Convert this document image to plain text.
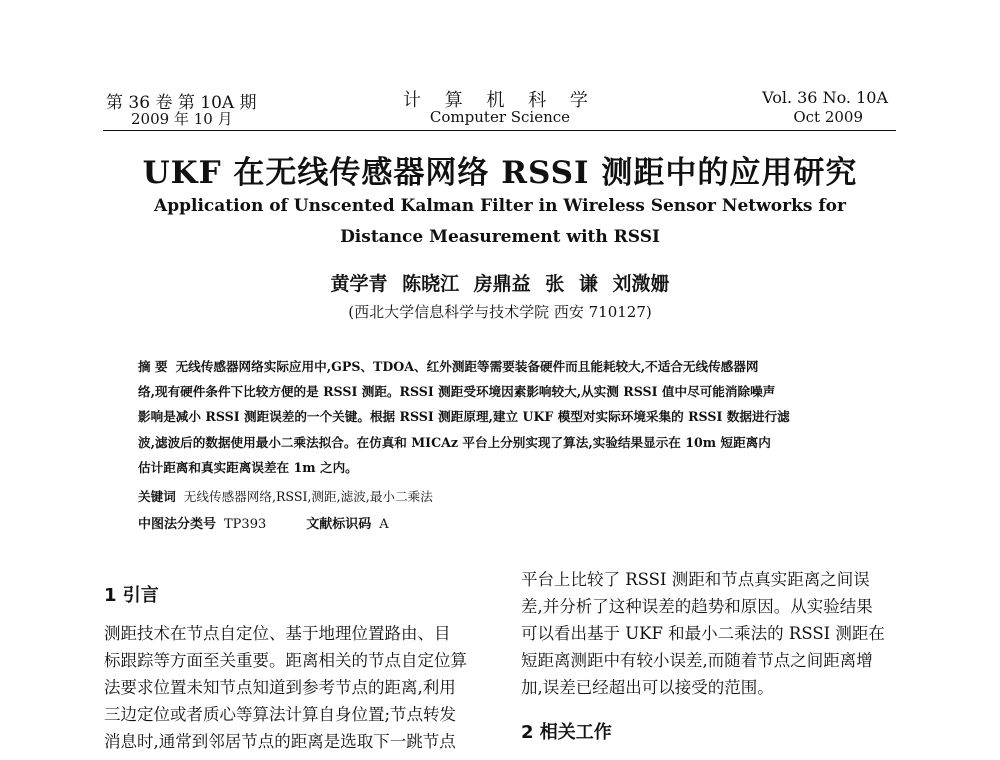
第 36 卷 第 10A 期
2009 年 10 月
计 算 机 科 学
Computer Science
Vol. 36 No. 10A
Oct 2009
UKF 在无线传感器网络 RSSI 测距中的应用研究
Application of Unscented Kalman Filter in Wireless Sensor Networks for
Distance Measurement with RSSI
黄学青 陈晓江 房鼎益 张 谦 刘溦姗
(西北大学信息科学与技术学院 西安 710127)
摘 要 无线传感器网络实际应用中,GPS、TDOA、红外测距等需要装备硬件而且能耗较大,不适合无线传感器网
络,现有硬件条件下比较方便的是 RSSI 测距。RSSI 测距受环境因素影响较大,从实测 RSSI 值中尽可能消除噪声
影响是减小 RSSI 测距误差的一个关键。根据 RSSI 测距原理,建立 UKF 模型对实际环境采集的 RSSI 数据进行滤
波,滤波后的数据使用最小二乘法拟合。在仿真和 MICAz 平台上分别实现了算法,实验结果显示在 10m 短距离内
估计距离和真实距离误差在 1m 之内。
关键词 无线传感器网络,RSSI,测距,滤波,最小二乘法
中图法分类号 TP393	文献标识码 A
1 引言
测距技术在节点自定位、基于地理位置路由、目
标跟踪等方面至关重要。距离相关的节点自定位算
法要求位置未知节点知道到参考节点的距离,利用
三边定位或者质心等算法计算自身位置;节点转发
消息时,通常到邻居节点的距离是选取下一跳节点
平台上比较了 RSSI 测距和节点真实距离之间误
差,并分析了这种误差的趋势和原因。从实验结果
可以看出基于 UKF 和最小二乘法的 RSSI 测距在
短距离测距中有较小误差,而随着节点之间距离增
加,误差已经超出可以接受的范围。
2 相关工作
